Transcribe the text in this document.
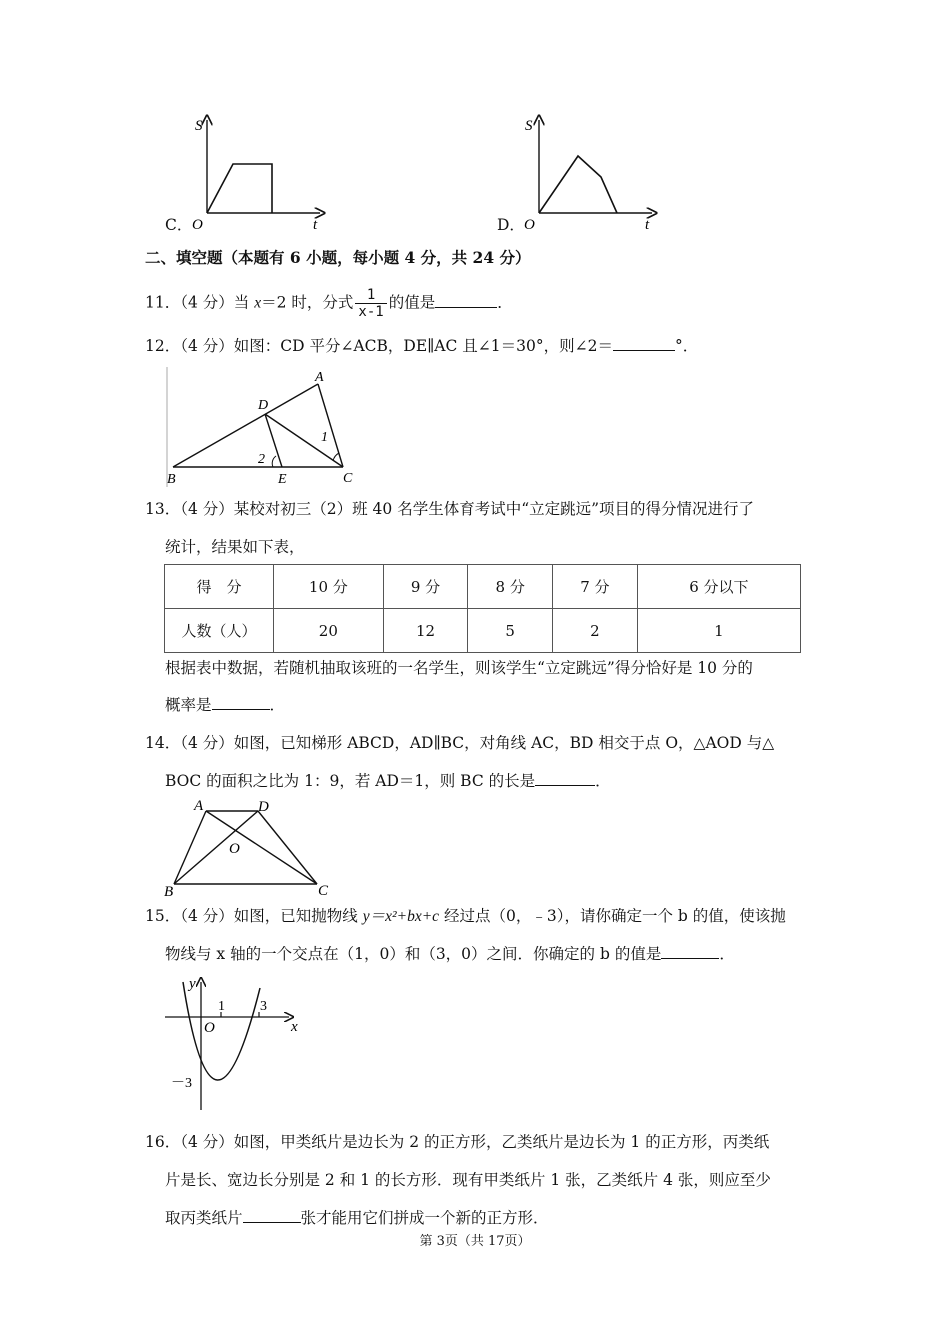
C．
S
t
O	D．
S
t
O
二、填空题（本题有 6 小题，每小题 4 分，共 24 分）
11．（4 分）当 x＝2 时，分式 $\frac{1}{x-1}$ 的值是	．
12．（4 分）如图：CD 平分∠ACB，DE∥AC 且∠1＝30°，则∠2＝	°．
A
D
B	E	C
1
2
13．（4 分）某校对初三（2）班 40 名学生体育考试中“立定跳远”项目的得分情况进行了
统计，结果如下表，
得　分	10 分	9 分	8 分	7 分	6 分以下
人数（人）	20	12	5	2	1
根据表中数据，若随机抽取该班的一名学生，则该学生“立定跳远”得分恰好是 10 分的
概率是	．
14．（4 分）如图，已知梯形 ABCD，AD∥BC，对角线 AC，BD 相交于点 O，△AOD 与△
BOC 的面积之比为 1：9，若 AD＝1，则 BC 的长是	．
A	D
B	C
O
15．（4 分）如图，已知抛物线 y＝x²+bx+c 经过点（0，﹣3），请你确定一个 b 的值，使该抛
物线与 x 轴的一个交点在（1，0）和（3，0）之间．你确定的 b 的值是	．
y
x
O
1	3
－3
16．（4 分）如图，甲类纸片是边长为 2 的正方形，乙类纸片是边长为 1 的正方形，丙类纸
片是长、宽边长分别是 2 和 1 的长方形．现有甲类纸片 1 张，乙类纸片 4 张，则应至少
取丙类纸片	张才能用它们拼成一个新的正方形．
第 3页（共 17页）
